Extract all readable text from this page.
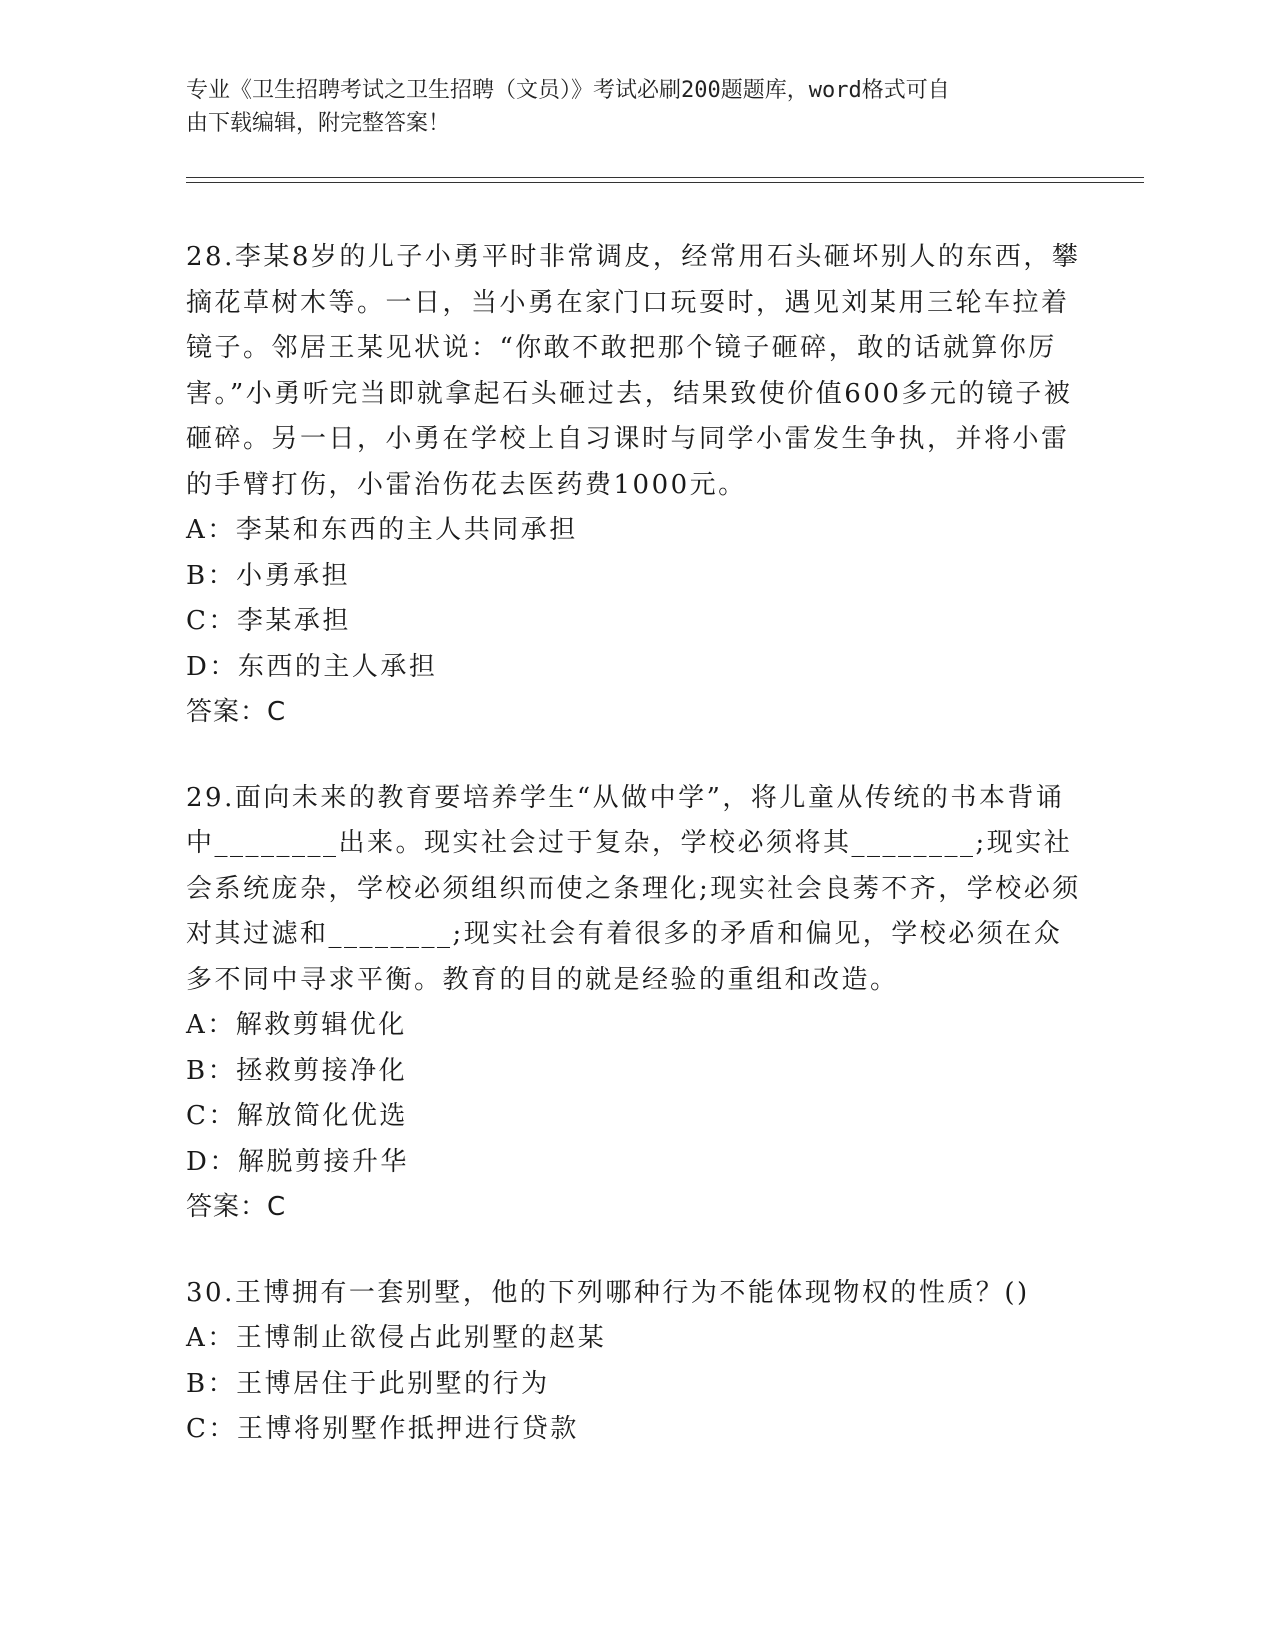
专业《卫生招聘考试之卫生招聘（文员）》考试必刷200题题库，word格式可自
由下载编辑，附完整答案！
28.李某8岁的儿子小勇平时非常调皮，经常用石头砸坏别人的东西，攀摘花草树木等。一日，当小勇在家门口玩耍时，遇见刘某用三轮车拉着镜子。邻居王某见状说：“你敢不敢把那个镜子砸碎，敢的话就算你厉害。”小勇听完当即就拿起石头砸过去，结果致使价值600多元的镜子被砸碎。另一日，小勇在学校上自习课时与同学小雷发生争执，并将小雷的手臂打伤，小雷治伤花去医药费1000元。
A：李某和东西的主人共同承担
B：小勇承担
C：李某承担
D：东西的主人承担
答案：C
29.面向未来的教育要培养学生“从做中学”，将儿童从传统的书本背诵中________出来。现实社会过于复杂，学校必须将其________;现实社会系统庞杂，学校必须组织而使之条理化;现实社会良莠不齐，学校必须对其过滤和________;现实社会有着很多的矛盾和偏见，学校必须在众多不同中寻求平衡。教育的目的就是经验的重组和改造。
A：解救剪辑优化
B：拯救剪接净化
C：解放简化优选
D：解脱剪接升华
答案：C
30.王博拥有一套别墅，他的下列哪种行为不能体现物权的性质？()
A：王博制止欲侵占此别墅的赵某
B：王博居住于此别墅的行为
C：王博将别墅作抵押进行贷款
